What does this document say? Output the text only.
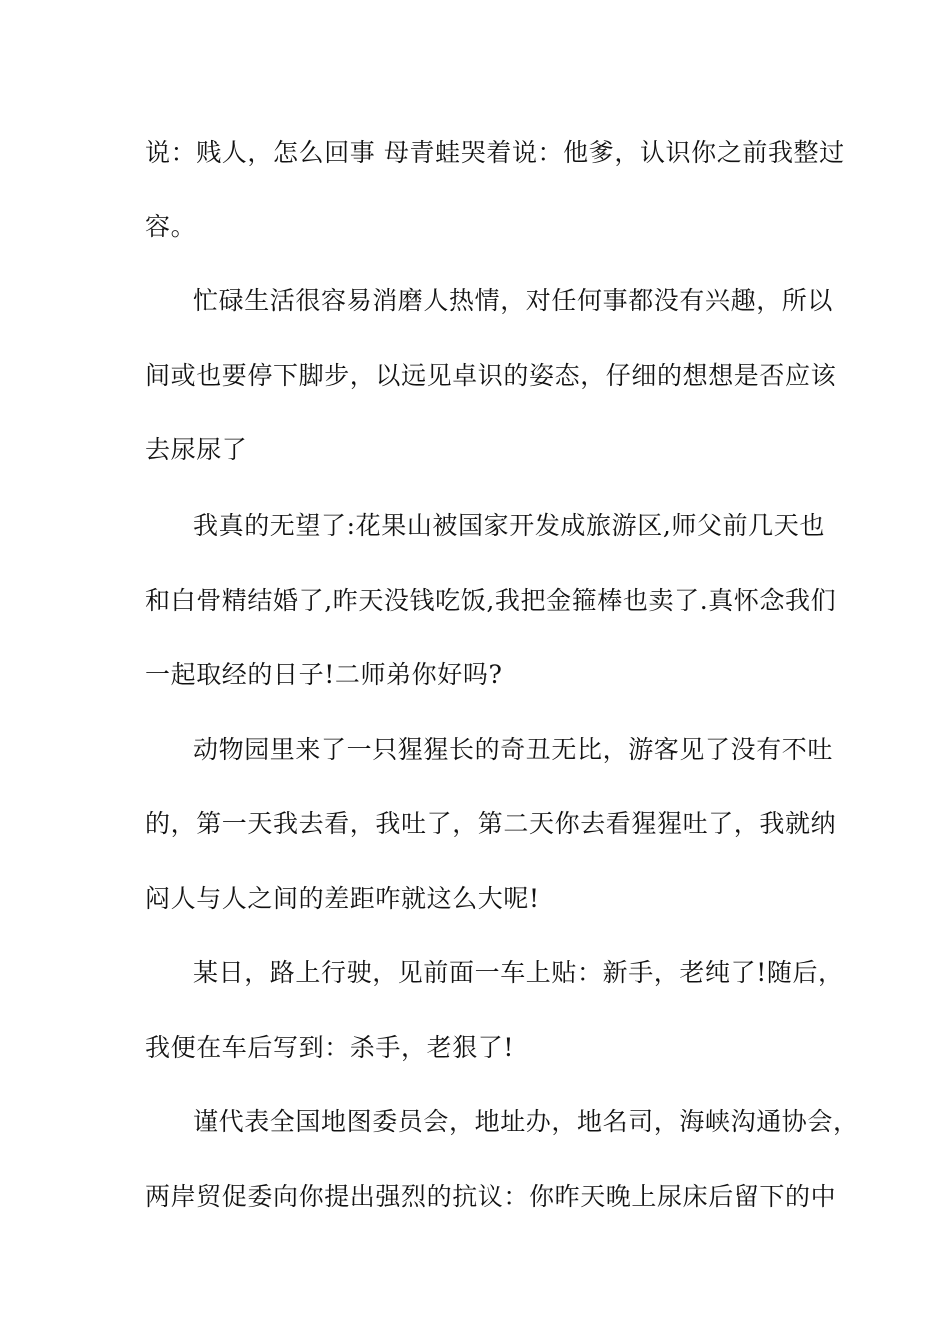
说：贱人，怎么回事 母青蛙哭着说：他爹，认识你之前我整过
容。
忙碌生活很容易消磨人热情，对任何事都没有兴趣，所以
间或也要停下脚步，以远见卓识的姿态，仔细的想想是否应该
去尿尿了
我真的无望了:花果山被国家开发成旅游区,师父前几天也
和白骨精结婚了,昨天没钱吃饭,我把金箍棒也卖了.真怀念我们
一起取经的日子!二师弟你好吗?
动物园里来了一只猩猩长的奇丑无比，游客见了没有不吐
的，第一天我去看，我吐了，第二天你去看猩猩吐了，我就纳
闷人与人之间的差距咋就这么大呢!
某日，路上行驶，见前面一车上贴：新手，老纯了!随后，
我便在车后写到：杀手，老狠了!
谨代表全国地图委员会，地址办，地名司，海峡沟通协会，
两岸贸促委向你提出强烈的抗议：你昨天晚上尿床后留下的中
